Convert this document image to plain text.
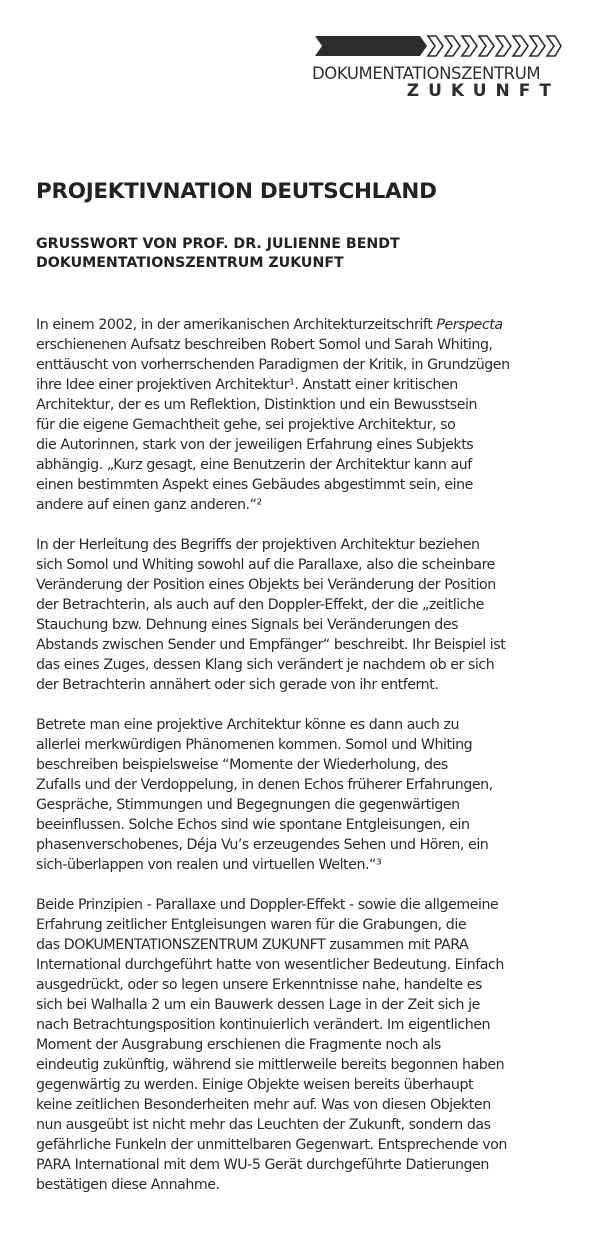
DOKUMENTATIONSZENTRUM
ZUKUNFT
PROJEKTIVNATION DEUTSCHLAND
GRUSSWORT VON PROF. DR. JULIENNE BENDT
DOKUMENTATIONSZENTRUM ZUKUNFT

In einem 2002, in der amerikanischen Architekturzeitschrift Perspecta
erschienenen Aufsatz beschreiben Robert Somol und Sarah Whiting,
enttäuscht von vorherrschenden Paradigmen der Kritik, in Grundzügen
ihre Idee einer projektiven Architektur¹. Anstatt einer kritischen
Architektur, der es um Reflektion, Distinktion und ein Bewusstsein
für die eigene Gemachtheit gehe, sei projektive Architektur, so
die Autorinnen, stark von der jeweiligen Erfahrung eines Subjekts
abhängig. „Kurz gesagt, eine Benutzerin der Architektur kann auf
einen bestimmten Aspekt eines Gebäudes abgestimmt sein, eine
andere auf einen ganz anderen.“²

In der Herleitung des Begriffs der projektiven Architektur beziehen
sich Somol und Whiting sowohl auf die Parallaxe, also die scheinbare
Veränderung der Position eines Objekts bei Veränderung der Position
der Betrachterin, als auch auf den Doppler-Effekt, der die „zeitliche
Stauchung bzw. Dehnung eines Signals bei Veränderungen des
Abstands zwischen Sender und Empfänger“ beschreibt. Ihr Beispiel ist
das eines Zuges, dessen Klang sich verändert je nachdem ob er sich
der Betrachterin annähert oder sich gerade von ihr entfernt.

Betrete man eine projektive Architektur könne es dann auch zu
allerlei merkwürdigen Phänomenen kommen. Somol und Whiting
beschreiben beispielsweise “Momente der Wiederholung, des
Zufalls und der Verdoppelung, in denen Echos früherer Erfahrungen,
Gespräche, Stimmungen und Begegnungen die gegenwärtigen
beeinflussen. Solche Echos sind wie spontane Entgleisungen, ein
phasenverschobenes, Déja Vu’s erzeugendes Sehen und Hören, ein
sich-überlappen von realen und virtuellen Welten.“³

Beide Prinzipien - Parallaxe und Doppler-Effekt - sowie die allgemeine
Erfahrung zeitlicher Entgleisungen waren für die Grabungen, die
das DOKUMENTATIONSZENTRUM ZUKUNFT zusammen mit PARA
International durchgeführt hatte von wesentlicher Bedeutung. Einfach
ausgedrückt, oder so legen unsere Erkenntnisse nahe, handelte es
sich bei Walhalla 2 um ein Bauwerk dessen Lage in der Zeit sich je
nach Betrachtungsposition kontinuierlich verändert. Im eigentlichen
Moment der Ausgrabung erschienen die Fragmente noch als
eindeutig zukünftig, während sie mittlerweile bereits begonnen haben
gegenwärtig zu werden. Einige Objekte weisen bereits überhaupt
keine zeitlichen Besonderheiten mehr auf. Was von diesen Objekten
nun ausgeübt ist nicht mehr das Leuchten der Zukunft, sondern das
gefährliche Funkeln der unmittelbaren Gegenwart. Entsprechende von
PARA International mit dem WU-5 Gerät durchgeführte Datierungen
bestätigen diese Annahme.
